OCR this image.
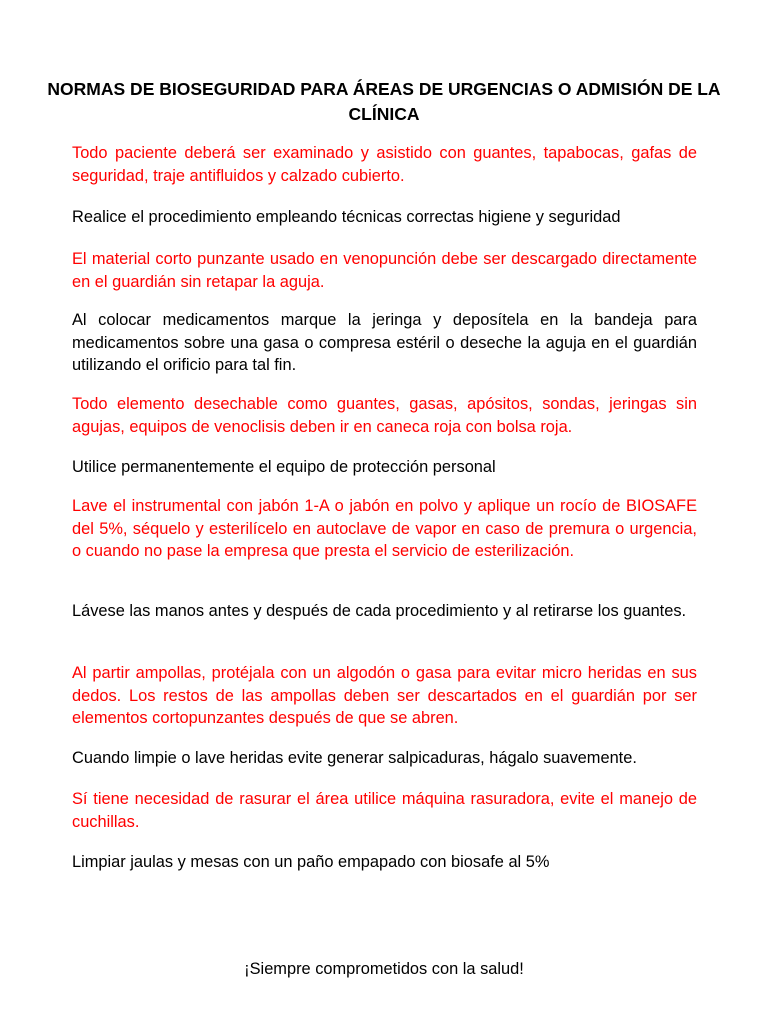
NORMAS DE BIOSEGURIDAD PARA ÁREAS DE URGENCIAS O ADMISIÓN DE LA CLÍNICA

Todo paciente deberá ser examinado y asistido con guantes, tapabocas, gafas de seguridad, traje antifluidos y calzado cubierto.

Realice el procedimiento empleando técnicas correctas higiene y seguridad

El material corto punzante usado en venopunción debe ser descargado directamente en el guardián sin retapar la aguja.

Al colocar medicamentos marque la jeringa y deposítela en la bandeja para medicamentos sobre una gasa o compresa estéril o deseche la aguja en el guardián utilizando el orificio para tal fin.

Todo elemento desechable como guantes, gasas, apósitos, sondas, jeringas sin agujas, equipos de venoclisis deben ir en caneca roja con bolsa roja.

Utilice permanentemente el equipo de protección personal

Lave el instrumental con jabón 1-A o jabón en polvo y aplique un rocío de BIOSAFE del 5%, séquelo y esterilícelo en autoclave de vapor en caso de premura o urgencia, o cuando no pase la empresa que presta el servicio de esterilización.

Lávese las manos antes y después de cada procedimiento y al retirarse los guantes.

Al partir ampollas, protéjala con un algodón o gasa para evitar micro heridas en sus dedos. Los restos de las ampollas deben ser descartados en el guardián por ser elementos cortopunzantes después de que se abren.

Cuando limpie o lave heridas evite generar salpicaduras, hágalo suavemente.

Sí tiene necesidad de rasurar el área utilice máquina rasuradora, evite el manejo de cuchillas.

Limpiar jaulas y mesas con un paño empapado con biosafe al 5%

¡Siempre comprometidos con la salud!
